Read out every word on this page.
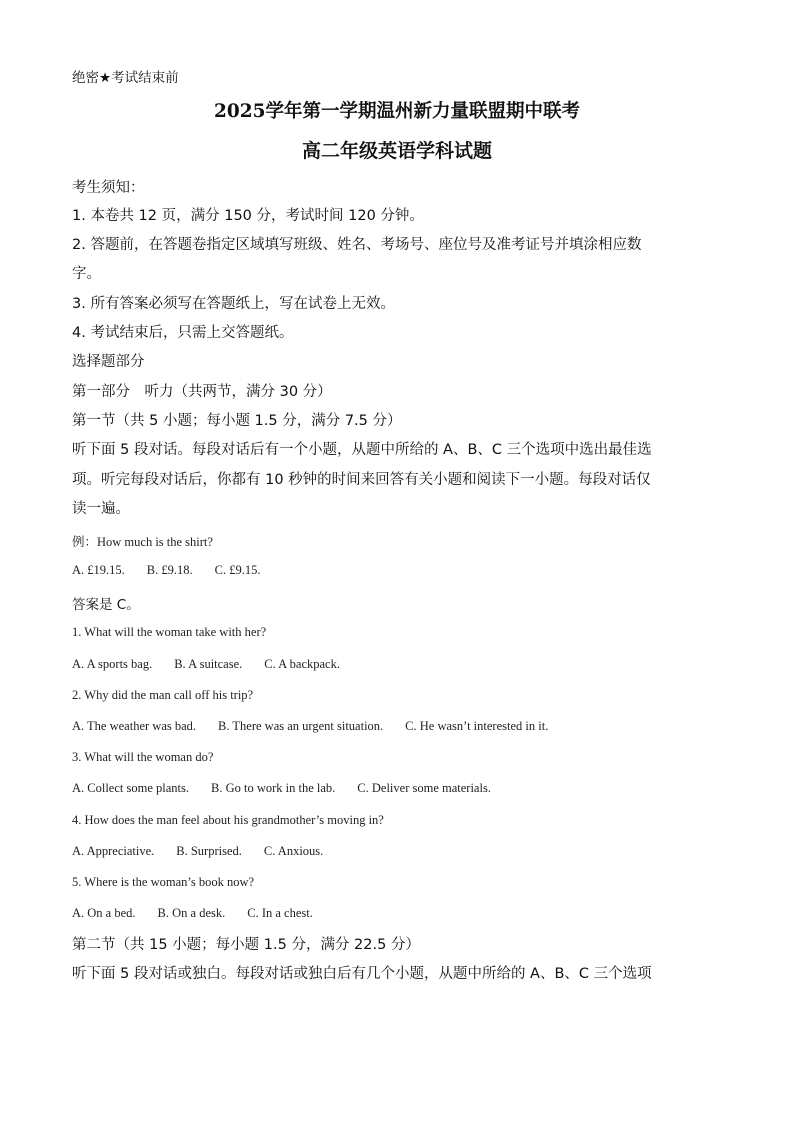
绝密★考试结束前
2025学年第一学期温州新力量联盟期中联考
高二年级英语学科试题
考生须知：
1. 本卷共 12 页，满分 150 分，考试时间 120 分钟。
2. 答题前，在答题卷指定区域填写班级、姓名、考场号、座位号及准考证号并填涂相应数
字。
3. 所有答案必须写在答题纸上，写在试卷上无效。
4. 考试结束后，只需上交答题纸。
选择题部分
第一部分　听力（共两节，满分 30 分）
第一节（共 5 小题；每小题 1.5 分，满分 7.5 分）
听下面 5 段对话。每段对话后有一个小题，从题中所给的 A、B、C 三个选项中选出最佳选
项。听完每段对话后，你都有 10 秒钟的时间来回答有关小题和阅读下一小题。每段对话仅
读一遍。
例：How much is the shirt?
A. £19.15. B. £9.18. C. £9.15.
答案是 C。
1. What will the woman take with her?
A. A sports bag. B. A suitcase. C. A backpack.
2. Why did the man call off his trip?
A. The weather was bad. B. There was an urgent situation. C. He wasn’t interested in it.
3. What will the woman do?
A. Collect some plants. B. Go to work in the lab. C. Deliver some materials.
4. How does the man feel about his grandmother’s moving in?
A. Appreciative. B. Surprised. C. Anxious.
5. Where is the woman’s book now?
A. On a bed. B. On a desk. C. In a chest.
第二节（共 15 小题；每小题 1.5 分，满分 22.5 分）
听下面 5 段对话或独白。每段对话或独白后有几个小题，从题中所给的 A、B、C 三个选项
